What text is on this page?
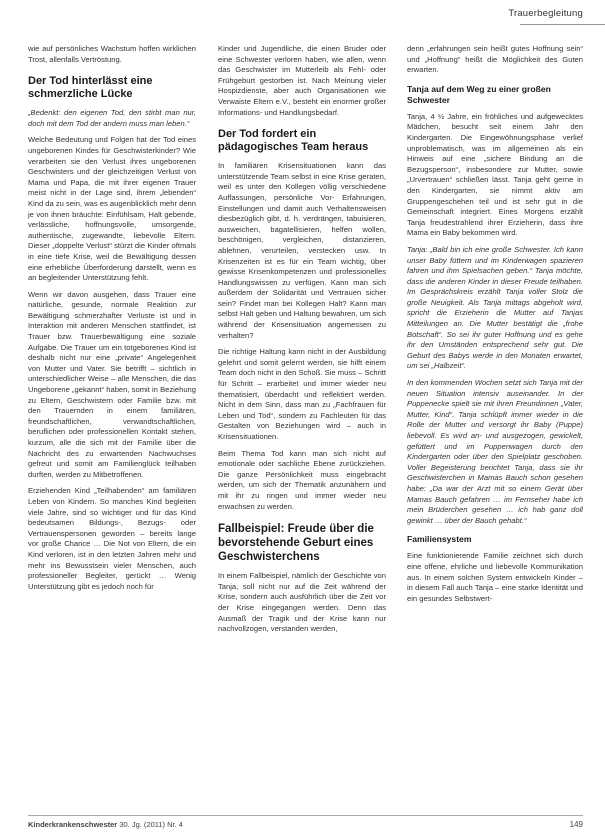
Trauerbegleitung

wie auf persönliches Wachstum hoffen wirklichen Trost, allenfalls Vertröstung.

Der Tod hinterlässt eine schmerzliche Lücke

„Bedenkt: den eigenen Tod, den stirbt man nur, doch mit dem Tod der andern muss man leben.“

Welche Bedeutung und Folgen hat der Tod eines ungeborenen Kindes für Geschwisterkinder? Wie verarbeiten sie den Verlust ihres ungeborenen Geschwisters und der gleichzeitigen Verlust von Mama und Papa, die mit ihrer eigenen Trauer meist nicht in der Lage sind, ihrem „lebenden“ Kind da zu sein, was es augenblicklich mehr denn je von ihnen bräuchte: Einfühlsam, Halt gebende, verlässliche, hoffnungsvolle, umsorgende, authentische, zugewandte, liebevolle Eltern. Dieser „doppelte Verlust“ stürzt die Kinder oftmals in eine tiefe Krise, weil die Bewältigung dessen eine erhebliche Überforderung darstellt, wenn es an begleitender Unterstützung fehlt.

Wenn wir davon ausgehen, dass Trauer eine natürliche, gesunde, normale Reaktion zur Bewältigung schmerzhafter Verluste ist und in Interaktion mit anderen Menschen stattfindet, ist Trauer bzw. Trauerbewältigung eine soziale Aufgabe. Die Trauer um ein totgeborenes Kind ist deshalb nicht nur eine „private“ Angelegenheit von Mutter und Vater. Sie betrifft – sichtlich in unterschiedlicher Weise – alle Menschen, die das Ungeborene „gekannt“ haben, somit in Beziehung zu Eltern, Geschwistern oder Familie bzw. mit den Trauernden in einem familiären, freundschaftlichen, verwandtschaftlichen, beruflichen oder professionellen Kontakt stehen, kurzum, alle die sich mit der Familie über die Nachricht des zu erwartenden Nachwuchses gefreut und somit am Familienglück teilhaben durften, werden zu Mitbetroffenen.

Erziehenden Kind „Teilhabenden“ am familiären Leben von Kindern. So manches Kind begleiten viele Jahre, sind so wichtiger und für das Kind bedeutsamen Bildungs-, Bezugs- oder Vertrauenspersonen geworden – bereits lange vor große Chance … Die Not von Eltern, die ein Kind verloren, ist in den letzten Jahren mehr und mehr ins Bewusstsein vieler Menschen, auch professioneller Begleiter, gerückt … Wenig Unterstützung gibt es jedoch noch für

Kinder und Jugendliche, die einen Bruder oder eine Schwester verloren haben, wie allen, wenn das Geschwister im Mutterleib als Fehl- oder Frühgeburt gestorben ist. Nach Meinung vieler Hospizdienste, aber auch Organisationen wie Verwaiste Eltern e.V., besteht ein enormer großer Informations- und Handlungsbedarf.

Der Tod fordert ein pädagogisches Team heraus

In familiären Krisensituationen kann das unterstützende Team selbst in eine Krise geraten, weil es unter den Kollegen völlig verschiedene Auffassungen, persönliche Vor- Erfahrungen, Einstellungen und damit auch Verhaltensweisen diesbezüglich gibt, d. h. verdrängen, tabuisieren, ausweichen, bagatellisieren, helfen wollen, beschönigen, vergleichen, distanzieren, ablehnen, verurteilen, verstecken usw. In Krisenzeiten ist es für ein Team wichtig, über gewisse Krisenkompetenzen und professionelles Handlungswissen zu verfügen. Kann man sich außerdem der Solidarität und Vertrauen sicher sein? Findet man bei Kollegen Halt? Kann man selbst Halt geben und Haltung bewahren, um sich während der Krisensituation angemessen zu verhalten?

Die richtige Haltung kann nicht in der Ausbildung gelehrt und somit gelernt werden, sie hilft einem Team doch nicht in den Schoß. Sie muss – Schritt für Schritt – erarbeitet und immer wieder neu thematisiert, überdacht und reflektiert werden. Nicht in dem Sinn, dass man zu „Fachfrauen für Leben und Tod“, sondern zu Fachleuten für das Gestalten von Beziehungen wird – auch in Krisensituationen.

Beim Thema Tod kann man sich nicht auf emotionale oder sachliche Ebene zurückziehen. Die ganze Persönlichkeit muss eingebracht werden, um sich der Thematik anzunähern und mit ihr zu ringen und immer wieder neu erwachsen zu werden.

Fallbeispiel: Freude über die bevorstehende Geburt eines Geschwisterchens

In einem Fallbeispiel, nämlich der Geschichte von Tanja, soll nicht nur auf die Zeit während der Krise, sondern auch ausführlich über die Zeit vor der Krise eingegangen werden. Denn das Ausmaß der Tragik und der Krise kann nur nachvollzogen, verstanden werden,

denn „erfahrungen sein heißt gutes Hoffnung sein“ und „Hoffnung“ heißt die Möglichkeit des Guten erwarten.

Tanja auf dem Weg zu einer großen Schwester

Tanja, 4 ½ Jahre, ein fröhliches und aufgewecktes Mädchen, besucht seit einem Jahr den Kindergarten. Die Eingewöhnungsphase verlief unproblematisch, was im allgemeinen als ein Hinweis auf eine „sichere Bindung an die Bezugsperson“, insbesondere zur Mutter, sowie „Urvertrauen“ schließen lässt. Tanja geht gerne in den Kindergarten, sie nimmt aktiv am Gruppengeschehen teil und ist sehr gut in die Gemeinschaft integriert. Eines Morgens erzählt Tanja freudestrahlend ihrer Erzieherin, dass ihre Mama ein Baby bekommen wird.

Tanja: „Bald bin ich eine große Schwester. Ich kann unser Baby füttern und im Kinderwagen spazieren fahren und ihm Spielsachen geben.“ Tanja möchte, dass die anderen Kinder in dieser Freude teilhaben. Im Gesprächskreis erzählt Tanja voller Stolz die große Neuigkeit. Als Tanja mittags abgeholt wird, spricht die Erzieherin die Mutter auf Tanjas Mitteilungen an. Die Mutter bestätigt die „frohe Botschaft“. So sei ihr guter Hoffnung und es gehe ihr den Umständen entsprechend sehr gut. Die Geburt des Babys werde in den Monaten erwartet, um sei „Halbzeit“.

In den kommenden Wochen setzt sich Tanja mit der neuen Situation intensiv auseinander. In der Puppenecke spielt sie mit ihren Freundinnen „Vater, Mutter, Kind“. Tanja schlüpft immer wieder in die Rolle der Mutter und versorgt ihr Baby (Puppe) liebevoll. Es wird an- und ausgezogen, gewickelt, gefüttert und im Puppenwagen durch den Kindergarten oder über den Spielplatz geschoben. Voller Begeisterung berichtet Tanja, dass sie ihr Geschwisterchen in Mamas Bauch schon gesehen habe: „Da war der Arzt mit so einem Gerät über Mamas Bauch gefahren … im Fernseher habe ich mein Brüderchen gesehen … ich hab ganz doll gewinkt … über der Bauch gehabt.“

Familiensystem

Eine funktionierende Familie zeichnet sich durch eine offene, ehrliche und liebevolle Kommunikation aus. In einem solchen System entwickeln Kinder – in diesem Fall auch Tanja – eine starke Identität und ein gesundes Selbstwert-

Kinderkrankenschwester 30. Jg. (2011) Nr. 4	149
